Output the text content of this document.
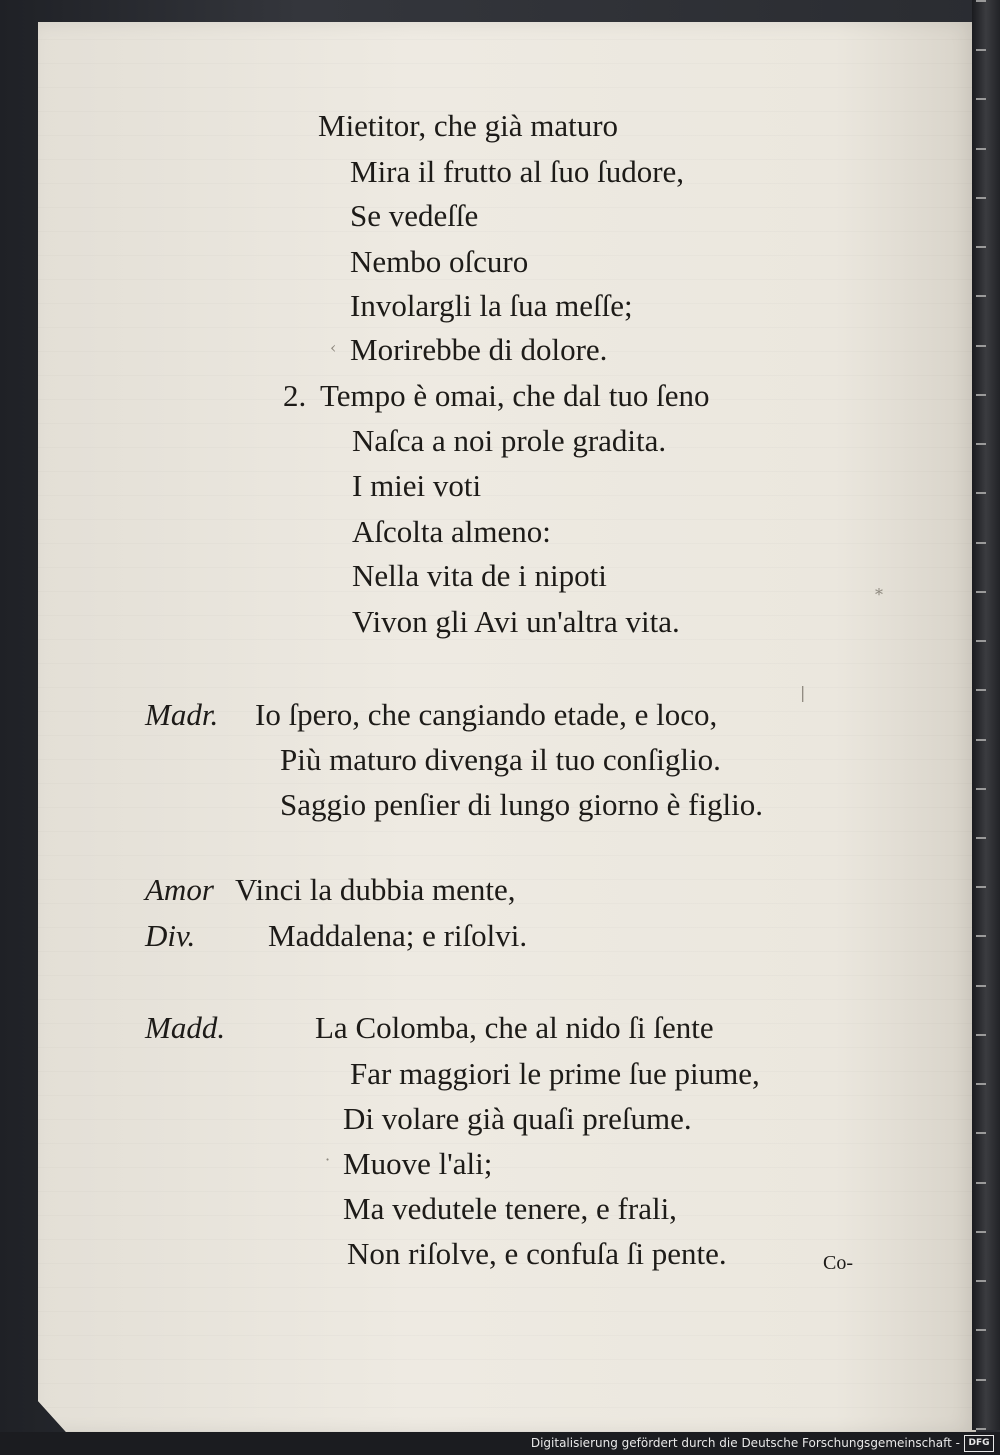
|
*
·
‹
Mietitor, che già maturo
Mira il frutto al ſuo ſudore,
Se vedeſſe
Nembo oſcuro
Involargli la ſua meſſe;
Morirebbe di dolore.
2. Tempo è omai, che dal tuo ſeno
Naſca a noi prole gradita.
I miei voti
Aſcolta almeno:
Nella vita de i nipoti
Vivon gli Avi un'altra vita.
Madr. Io ſpero, che cangiando etade, e loco,
Più maturo divenga il tuo conſiglio.
Saggio penſier di lungo giorno è figlio.
Amor Vinci la dubbia mente,
Div. Maddalena; e riſolvi.
Madd.	La Colomba, che al nido ſi ſente
Far maggiori le prime ſue piume,
Di volare già quaſi preſume.
Muove l'ali;
Ma vedutele tenere, e frali,
Non riſolve, e confuſa ſi pente.	Co-
Digitalisierung gefördert durch die Deutsche Forschungsgemeinschaft - DFG
